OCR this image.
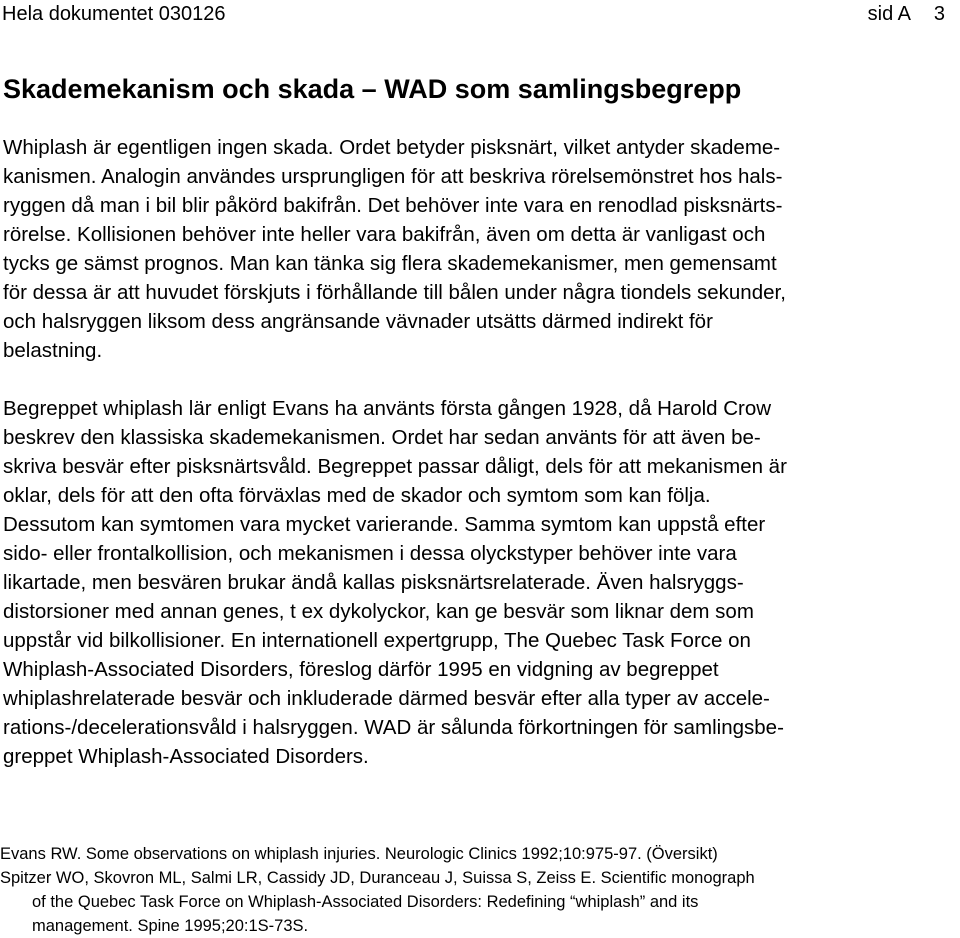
Hela dokumentet 030126	sid A 3
Skademekanism och skada – WAD som samlingsbegrepp

Whiplash är egentligen ingen skada. Ordet betyder pisksnärt, vilket antyder skademe-
kanismen. Analogin användes ursprungligen för att beskriva rörelsemönstret hos hals-
ryggen då man i bil blir påkörd bakifrån. Det behöver inte vara en renodlad pisksnärts-
rörelse. Kollisionen behöver inte heller vara bakifrån, även om detta är vanligast och
tycks ge sämst prognos. Man kan tänka sig flera skademekanismer, men gemensamt
för dessa är att huvudet förskjuts i förhållande till bålen under några tiondels sekunder,
och halsryggen liksom dess angränsande vävnader utsätts därmed indirekt för
belastning.

Begreppet whiplash lär enligt Evans ha använts första gången 1928, då Harold Crow
beskrev den klassiska skademekanismen. Ordet har sedan använts för att även be-
skriva besvär efter pisksnärtsvåld. Begreppet passar dåligt, dels för att mekanismen är
oklar, dels för att den ofta förväxlas med de skador och symtom som kan följa.
Dessutom kan symtomen vara mycket varierande. Samma symtom kan uppstå efter
sido- eller frontalkollision, och mekanismen i dessa olyckstyper behöver inte vara
likartade, men besvären brukar ändå kallas pisksnärtsrelaterade. Även halsryggs-
distorsioner med annan genes, t ex dykolyckor, kan ge besvär som liknar dem som
uppstår vid bilkollisioner. En internationell expertgrupp, The Quebec Task Force on
Whiplash-Associated Disorders, föreslog därför 1995 en vidgning av begreppet
whiplashrelaterade besvär och inkluderade därmed besvär efter alla typer av accele-
rations-/decelerationsvåld i halsryggen. WAD är sålunda förkortningen för samlingsbe-
greppet Whiplash-Associated Disorders.

Evans RW. Some observations on whiplash injuries. Neurologic Clinics 1992;10:975-97. (Översikt)
Spitzer WO, Skovron ML, Salmi LR, Cassidy JD, Duranceau J, Suissa S, Zeiss E. Scientific monograph
of the Quebec Task Force on Whiplash-Associated Disorders: Redefining “whiplash” and its
management. Spine 1995;20:1S-73S.
